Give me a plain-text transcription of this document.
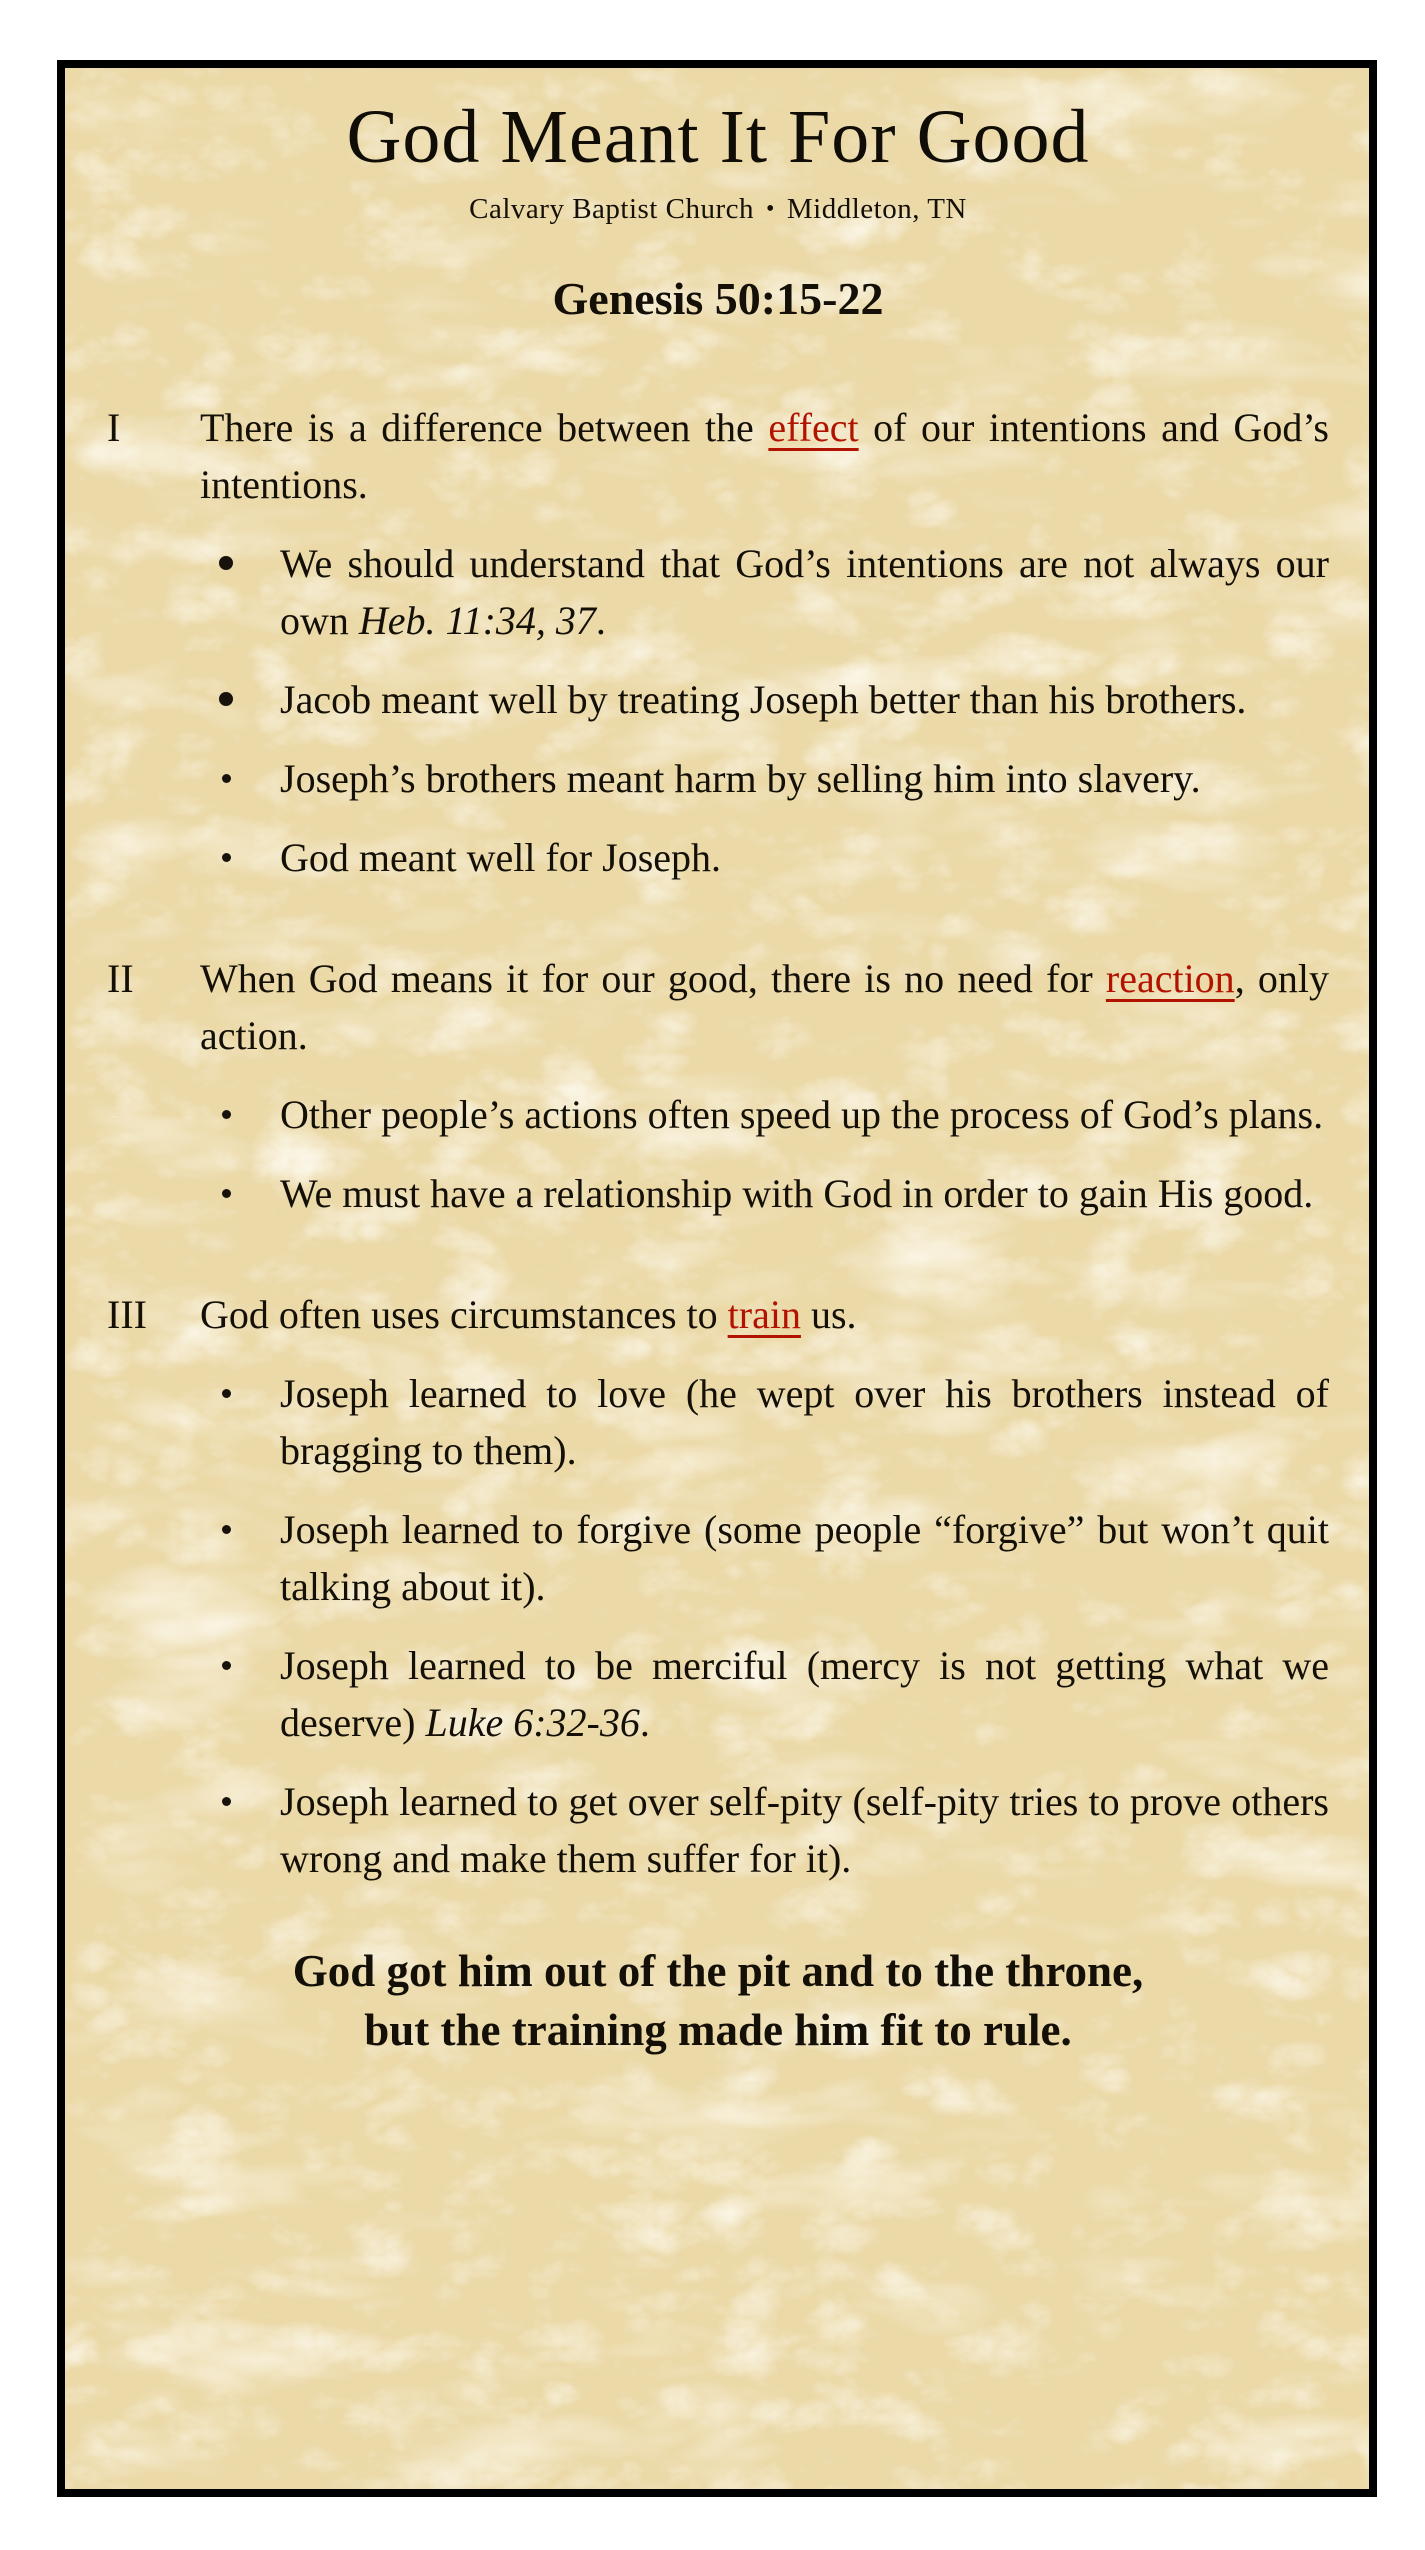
God Meant It For Good
Calvary Baptist Church • Middleton, TN
Genesis 50:15-22
I	There is a difference between the effect of our intentions and God’s intentions.

We should understand that God’s intentions are not always our own Heb. 11:34, 37.

Jacob meant well by treating Joseph better than his brothers.

Joseph’s brothers meant harm by selling him into slavery.

God meant well for Joseph.

II	When God means it for our good, there is no need for reaction, only action.

Other people’s actions often speed up the process of God’s plans.

We must have a relationship with God in order to gain His good.

III	God often uses circumstances to train us.

Joseph learned to love (he wept over his brothers instead of bragging to them).

Joseph learned to forgive (some people “forgive” but won’t quit talking about it).

Joseph learned to be merciful (mercy is not getting what we deserve) Luke 6:32-36.

Joseph learned to get over self-pity (self-pity tries to prove others wrong and make them suffer for it).

God got him out of the pit and to the throne,
but the training made him fit to rule.
